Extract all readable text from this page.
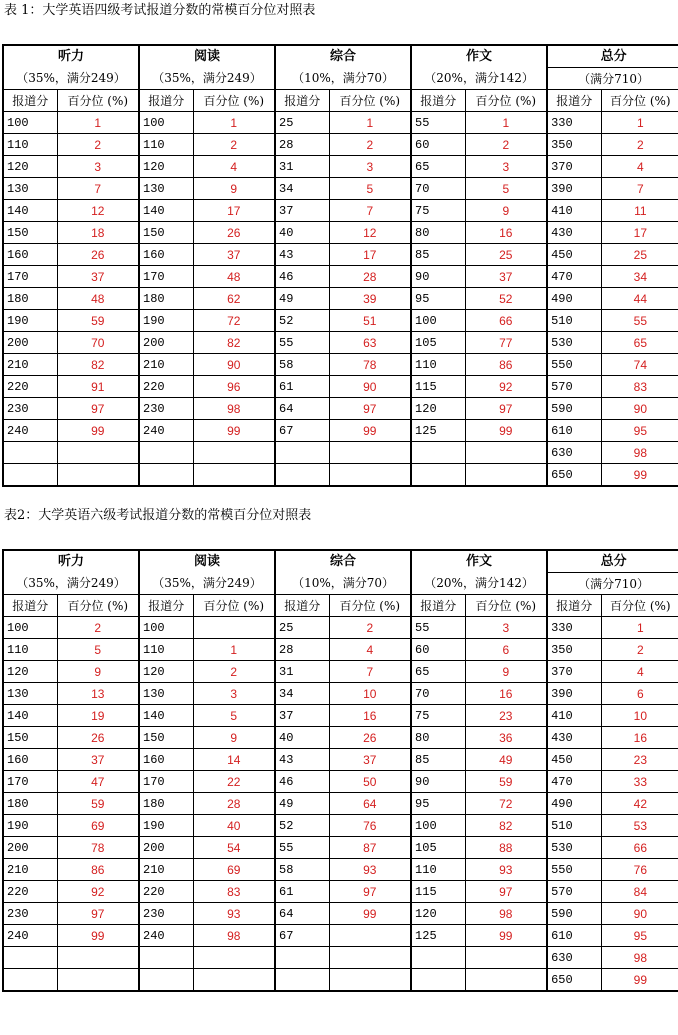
表 1：大学英语四级考试报道分数的常模百分位对照表
听力		阅读		综合		作文		总分	
（35%，满分249）		（35%，满分249）		（10%，满分70）		（20%，满分142）		（满分710）	
报道分	百分位 (%)	报道分	百分位 (%)	报道分	百分位 (%)	报道分	百分位 (%)	报道分	百分位 (%)
100	1	100	1	25	1	55	1	330	1
110	2	110	2	28	2	60	2	350	2
120	3	120	4	31	3	65	3	370	4
130	7	130	9	34	5	70	5	390	7
140	12	140	17	37	7	75	9	410	11
150	18	150	26	40	12	80	16	430	17
160	26	160	37	43	17	85	25	450	25
170	37	170	48	46	28	90	37	470	34
180	48	180	62	49	39	95	52	490	44
190	59	190	72	52	51	100	66	510	55
200	70	200	82	55	63	105	77	530	65
210	82	210	90	58	78	110	86	550	74
220	91	220	96	61	90	115	92	570	83
230	97	230	98	64	97	120	97	590	90
240	99	240	99	67	99	125	99	610	95
								630	98
								650	99
表2：大学英语六级考试报道分数的常模百分位对照表
听力		阅读		综合		作文		总分	
（35%，满分249）		（35%，满分249）		（10%，满分70）		（20%，满分142）		（满分710）	
报道分	百分位 (%)	报道分	百分位 (%)	报道分	百分位 (%)	报道分	百分位 (%)	报道分	百分位 (%)
100	2	100		25	2	55	3	330	1
110	5	110	1	28	4	60	6	350	2
120	9	120	2	31	7	65	9	370	4
130	13	130	3	34	10	70	16	390	6
140	19	140	5	37	16	75	23	410	10
150	26	150	9	40	26	80	36	430	16
160	37	160	14	43	37	85	49	450	23
170	47	170	22	46	50	90	59	470	33
180	59	180	28	49	64	95	72	490	42
190	69	190	40	52	76	100	82	510	53
200	78	200	54	55	87	105	88	530	66
210	86	210	69	58	93	110	93	550	76
220	92	220	83	61	97	115	97	570	84
230	97	230	93	64	99	120	98	590	90
240	99	240	98	67		125	99	610	95
								630	98
								650	99
